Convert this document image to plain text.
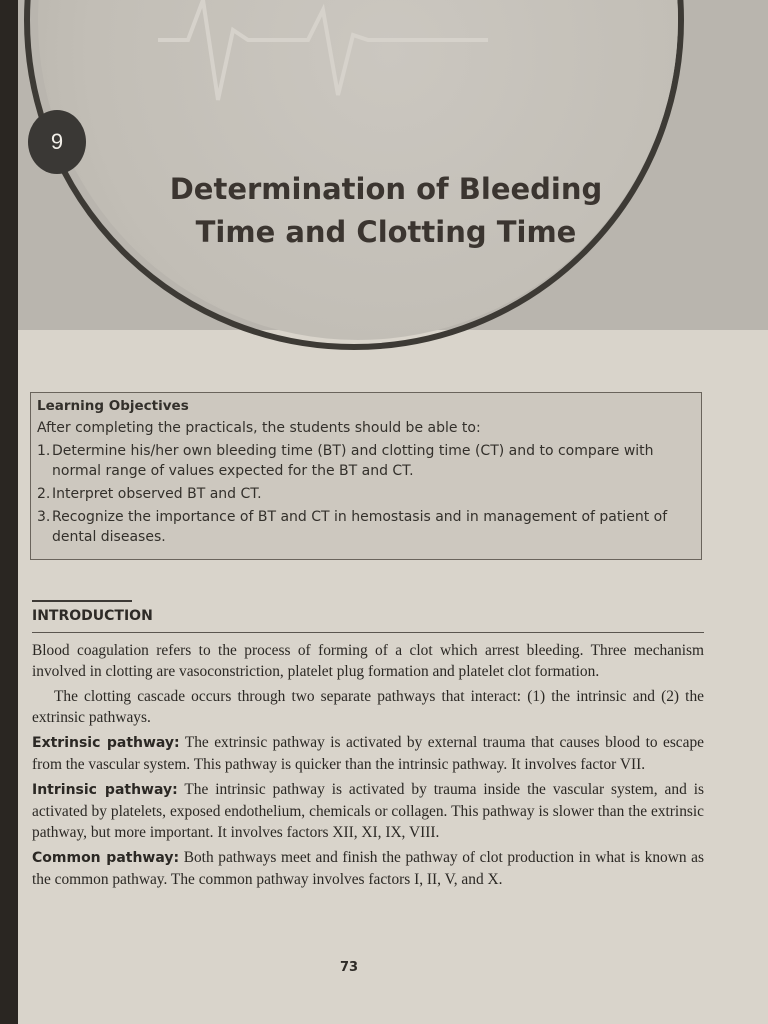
9
Determination of Bleeding
Time and Clotting Time
Learning Objectives
After completing the practicals, the students should be able to:
1. Determine his/her own bleeding time (BT) and clotting time (CT) and to compare with normal range of values expected for the BT and CT.
2. Interpret observed BT and CT.
3. Recognize the importance of BT and CT in hemostasis and in management of patient of dental diseases.
INTRODUCTION

Blood coagulation refers to the process of forming of a clot which arrest bleeding. Three mechanism involved in clotting are vasoconstriction, platelet plug formation and platelet clot formation.

The clotting cascade occurs through two separate pathways that interact: (1) the intrinsic and (2) the extrinsic pathways.

Extrinsic pathway: The extrinsic pathway is activated by external trauma that causes blood to escape from the vascular system. This pathway is quicker than the intrinsic pathway. It involves factor VII.

Intrinsic pathway: The intrinsic pathway is activated by trauma inside the vascular system, and is activated by platelets, exposed endothelium, chemicals or collagen. This pathway is slower than the extrinsic pathway, but more important. It involves factors XII, XI, IX, VIII.

Common pathway: Both pathways meet and finish the pathway of clot production in what is known as the common pathway. The common pathway involves factors I, II, V, and X.

73
